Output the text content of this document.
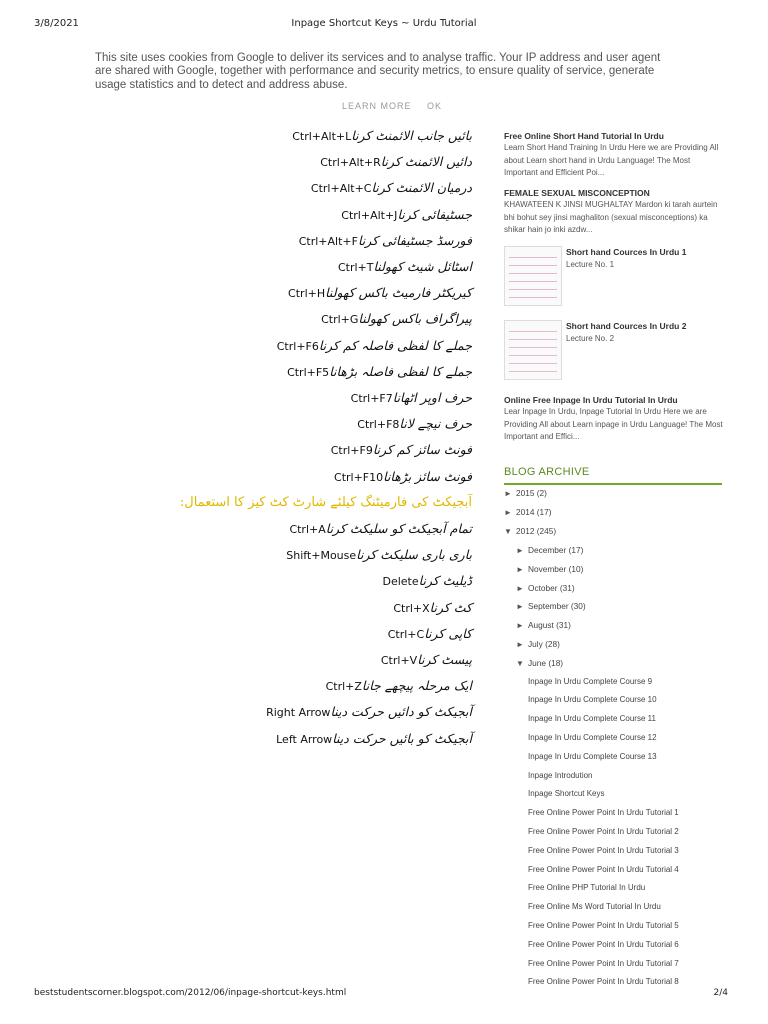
3/8/2021	Inpage Shortcut Keys ~ Urdu Tutorial
This site uses cookies from Google to deliver its services and to analyse traffic. Your IP address and user agent are shared with Google, together with performance and security metrics, to ensure quality of service, generate usage statistics and to detect and address abuse.
LEARN MORE OK
بائیں جانب الائمنٹ کرناCtrl+Alt+L
دائیں الائمنٹ کرناCtrl+Alt+R
درمیان الائمنٹ کرناCtrl+Alt+C
جسٹیفائی کرناCtrl+Alt+J
فورسڈ جسٹیفائی کرناCtrl+Alt+F
اسٹائل شیٹ کھولناCtrl+T
کیریکٹر فارمیٹ باکس کھولناCtrl+H
پیراگراف باکس کھولناCtrl+G
جملے کا لفظی فاصلہ کم کرناCtrl+F6
جملے کا لفظی فاصلہ بڑھاناCtrl+F5
حرف اوپر اٹھاناCtrl+F7
حرف نیچے لاناCtrl+F8
فونٹ سائز کم کرناCtrl+F9
فونٹ سائز بڑھاناCtrl+F10
آبجیکٹ کی فارمیٹنگ کیلئے شارٹ کٹ کیز کا استعمال:
تمام آبجیکٹ کو سلیکٹ کرناCtrl+A
باری باری سلیکٹ کرناShift+Mouse
ڈیلیٹ کرناDelete
کٹ کرناCtrl+X
کاپی کرناCtrl+C
پیسٹ کرناCtrl+V
ایک مرحلہ پیچھے جاناCtrl+Z
آبجیکٹ کو دائیں حرکت دیناRight Arrow
آبجیکٹ کو بائیں حرکت دیناLeft Arrow
Free Online Short Hand Tutorial In Urdu
Learn Short Hand Training In Urdu Here we are Providing All about Learn short hand in Urdu Language! The Most Important and Efficient Poi...
FEMALE SEXUAL MISCONCEPTION
KHAWATEEN K JINSI MUGHALTAY Mardon ki tarah aurtein bhi bohut sey jinsi maghaliton (sexual misconceptions) ka shikar hain jo inki azdw...
Short hand Cources In Urdu 1
Lecture No. 1
Short hand Cources In Urdu 2
Lecture No. 2
Online Free Inpage In Urdu Tutorial In Urdu
Lear Inpage In Urdu, Inpage Tutorial In Urdu Here we are Providing All about Learn inpage in Urdu Language! The Most Important and Effici...
BLOG ARCHIVE
► 2015 (2)
► 2014 (17)
▼ 2012 (245)
► December (17)
► November (10)
► October (31)
► September (30)
► August (31)
► July (28)
▼ June (18)
Inpage In Urdu Complete Course 9
Inpage In Urdu Complete Course 10
Inpage In Urdu Complete Course 11
Inpage In Urdu Complete Course 12
Inpage In Urdu Complete Course 13
Inpage Introdution
Inpage Shortcut Keys
Free Online Power Point In Urdu Tutorial 1
Free Online Power Point In Urdu Tutorial 2
Free Online Power Point In Urdu Tutorial 3
Free Online Power Point In Urdu Tutorial 4
Free Online PHP Tutorial In Urdu
Free Online Ms Word Tutorial In Urdu
Free Online Power Point In Urdu Tutorial 5
Free Online Power Point In Urdu Tutorial 6
Free Online Power Point In Urdu Tutorial 7
Free Online Power Point In Urdu Tutorial 8
beststudentscorner.blogspot.com/2012/06/inpage-shortcut-keys.html	2/4
